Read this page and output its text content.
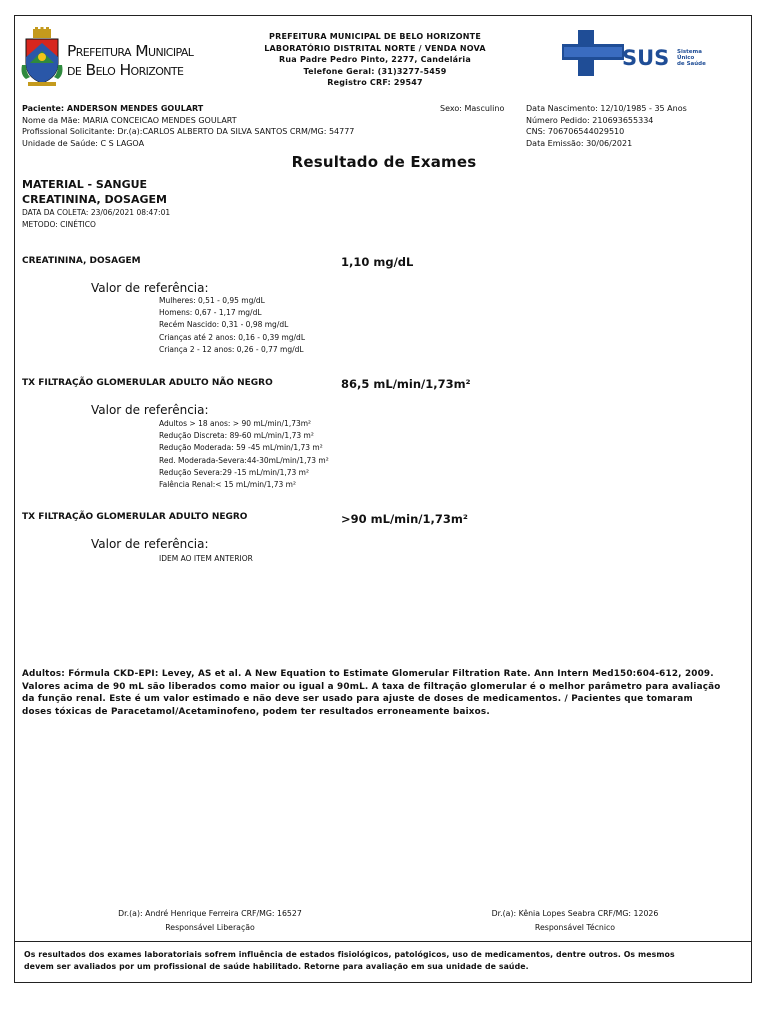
Prefeitura Municipal
de Belo Horizonte
PREFEITURA MUNICIPAL DE BELO HORIZONTE
LABORATÓRIO DISTRITAL NORTE / VENDA NOVA
Rua Padre Pedro Pinto, 2277, Candelária
Telefone Geral: (31)3277-5459
Registro CRF: 29547
SUS Sistema
Único
de Saúde
Paciente: ANDERSON MENDES GOULART
Nome da Mãe: MARIA CONCEICAO MENDES GOULART
Profissional Solicitante: Dr.(a):CARLOS ALBERTO DA SILVA SANTOS CRM/MG: 54777
Unidade de Saúde: C S LAGOA
Sexo: Masculino	Data Nascimento: 12/10/1985 - 35 Anos
Número Pedido: 210693655334
CNS: 706706544029510
Data Emissão: 30/06/2021
Resultado de Exames
MATERIAL - SANGUE
CREATININA, DOSAGEM
DATA DA COLETA: 23/06/2021 08:47:01
METODO: CINÉTICO
CREATININA, DOSAGEM	1,10 mg/dL
Valor de referência:
Mulheres: 0,51 - 0,95 mg/dL
Homens: 0,67 - 1,17 mg/dL
Recém Nascido: 0,31 - 0,98 mg/dL
Crianças até 2 anos: 0,16 - 0,39 mg/dL
Criança 2 - 12 anos: 0,26 - 0,77 mg/dL
TX FILTRAÇÃO GLOMERULAR ADULTO NÃO NEGRO	86,5 mL/min/1,73m²
Valor de referência:
Adultos > 18 anos: > 90 mL/min/1,73m²
Redução Discreta: 89-60 mL/min/1,73 m²
Redução Moderada: 59 -45 mL/min/1,73 m²
Red. Moderada-Severa:44-30mL/min/1,73 m²
Redução Severa:29 -15 mL/min/1,73 m²
Falência Renal:< 15 mL/min/1,73 m²
TX FILTRAÇÃO GLOMERULAR ADULTO NEGRO	>90 mL/min/1,73m²
Valor de referência:
IDEM AO ITEM ANTERIOR
Adultos: Fórmula CKD-EPI: Levey, AS et al. A New Equation to Estimate Glomerular Filtration Rate. Ann Intern Med150:604-612, 2009.
Valores acima de 90 mL são liberados como maior ou igual a 90mL. A taxa de filtração glomerular é o melhor parâmetro para avaliação
da função renal. Este é um valor estimado e não deve ser usado para ajuste de doses de medicamentos. / Pacientes que tomaram
doses tóxicas de Paracetamol/Acetaminofeno, podem ter resultados erroneamente baixos.
Dr.(a): André Henrique Ferreira CRF/MG: 16527
Responsável Liberação
Dr.(a): Kênia Lopes Seabra CRF/MG: 12026
Responsável Técnico
Os resultados dos exames laboratoriais sofrem influência de estados fisiológicos, patológicos, uso de medicamentos, dentre outros. Os mesmos
devem ser avaliados por um profissional de saúde habilitado. Retorne para avaliação em sua unidade de saúde.
